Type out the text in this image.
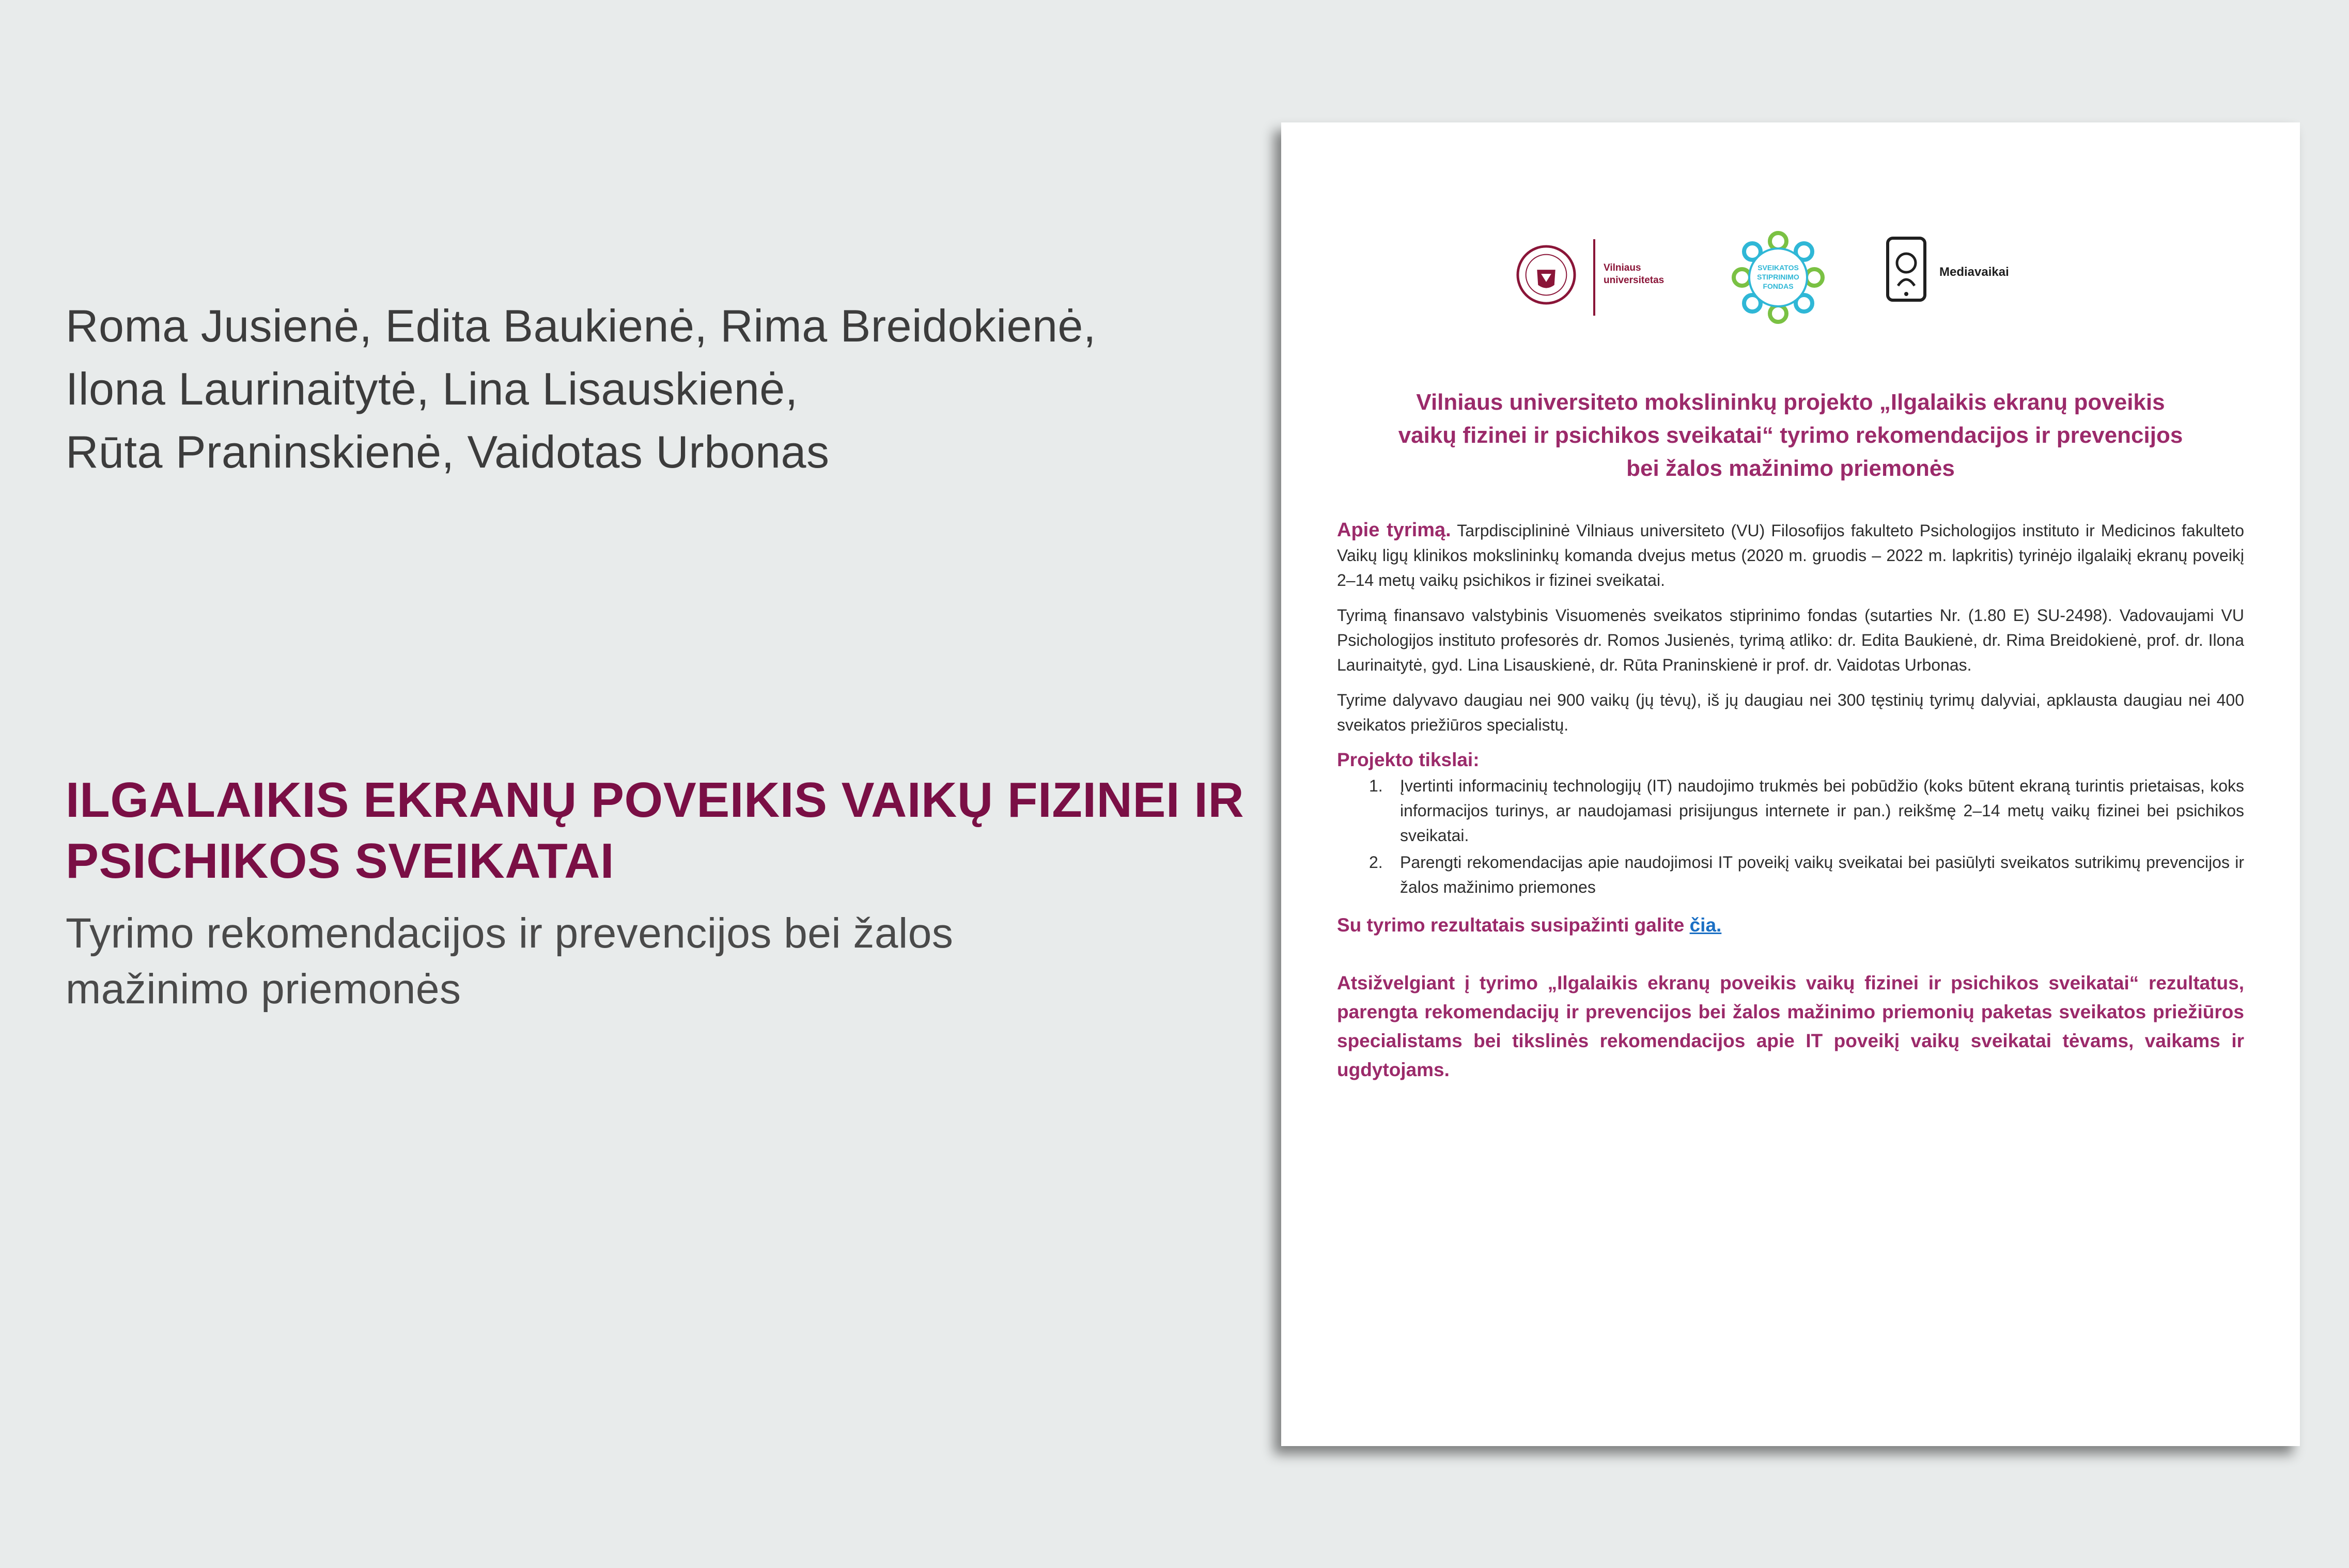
Roma Jusienė, Edita Baukienė, Rima Breidokienė,
Ilona Laurinaitytė, Lina Lisauskienė,
Rūta Praninskienė, Vaidotas Urbonas
ILGALAIKIS EKRANŲ POVEIKIS VAIKŲ FIZINEI IR
PSICHIKOS SVEIKATAI
Tyrimo rekomendacijos ir prevencijos bei žalos
mažinimo priemonės
Vilniaus
universitetas
SVEIKATOS
STIPRINIMO
FONDAS
Mediavaikai
Vilniaus universiteto mokslininkų projekto „Ilgalaikis ekranų poveikis
vaikų fizinei ir psichikos sveikatai“ tyrimo rekomendacijos ir prevencijos
bei žalos mažinimo priemonės

Apie tyrimą. Tarpdisciplininė Vilniaus universiteto (VU) Filosofijos fakulteto Psichologijos instituto ir Medicinos fakulteto Vaikų ligų klinikos mokslininkų komanda dvejus metus (2020 m. gruodis – 2022 m. lapkritis) tyrinėjo ilgalaikį ekranų poveikį 2–14 metų vaikų psichikos ir fizinei sveikatai.

Tyrimą finansavo valstybinis Visuomenės sveikatos stiprinimo fondas (sutarties Nr. (1.80 E) SU-2498). Vadovaujami VU Psichologijos instituto profesorės dr. Romos Jusienės, tyrimą atliko: dr. Edita Baukienė, dr. Rima Breidokienė, prof. dr. Ilona Laurinaitytė, gyd. Lina Lisauskienė, dr. Rūta Praninskienė ir prof. dr. Vaidotas Urbonas.

Tyrime dalyvavo daugiau nei 900 vaikų (jų tėvų), iš jų daugiau nei 300 tęstinių tyrimų dalyviai, apklausta daugiau nei 400 sveikatos priežiūros specialistų.

Projekto tikslai:
1. Įvertinti informacinių technologijų (IT) naudojimo trukmės bei pobūdžio (koks būtent ekraną turintis prietaisas, koks informacijos turinys, ar naudojamasi prisijungus internete ir pan.) reikšmę 2–14 metų vaikų fizinei bei psichikos sveikatai.
2. Parengti rekomendacijas apie naudojimosi IT poveikį vaikų sveikatai bei pasiūlyti sveikatos sutrikimų prevencijos ir žalos mažinimo priemones
Su tyrimo rezultatais susipažinti galite čia.

Atsižvelgiant į tyrimo „Ilgalaikis ekranų poveikis vaikų fizinei ir psichikos sveikatai“ rezultatus, parengta rekomendacijų ir prevencijos bei žalos mažinimo priemonių paketas sveikatos priežiūros specialistams bei tikslinės rekomendacijos apie IT poveikį vaikų sveikatai tėvams, vaikams ir ugdytojams.
